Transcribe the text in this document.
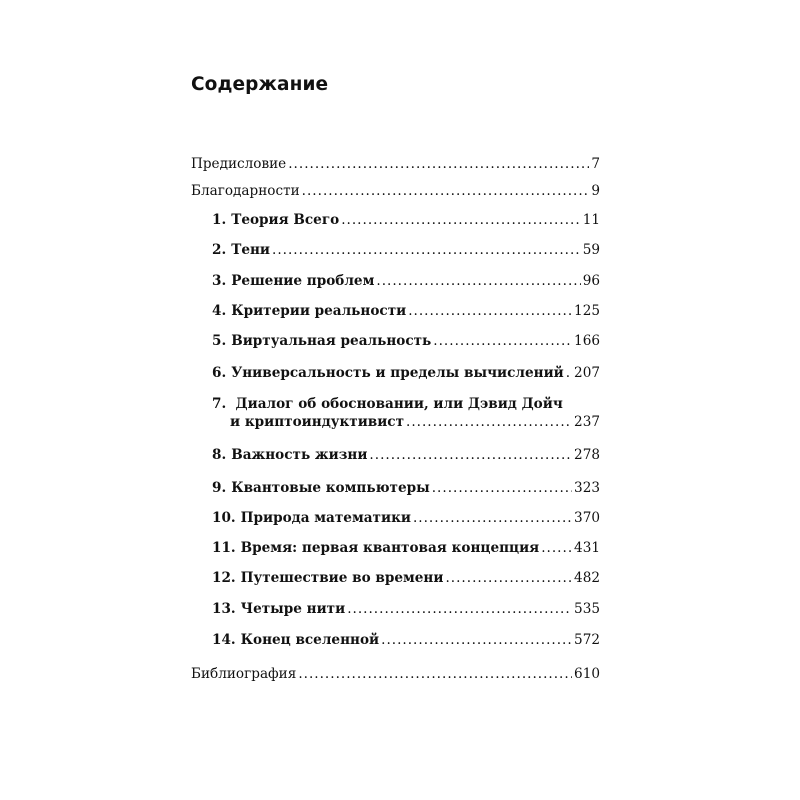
Содержание
Предисловие .....	7
Благодарности .....	9
1. Теория Всего .....	11
2. Тени .....	59
3. Решение проблем .....	96
4. Критерии реальности .....	125
5. Виртуальная реальность .....	166
6. Универсальность и пределы вычислений ..... 207
7. Диалог об обосновании, или Дэвид Дойч
и криптоиндуктивист .....	237
8. Важность жизни .....	278
9. Квантовые компьютеры .....	323
10. Природа математики .....	370
11. Время: первая квантовая концепция .....	431
12. Путешествие во времени .....	482
13. Четыре нити .....	535
14. Конец вселенной .....	572
Библиография .....	610
